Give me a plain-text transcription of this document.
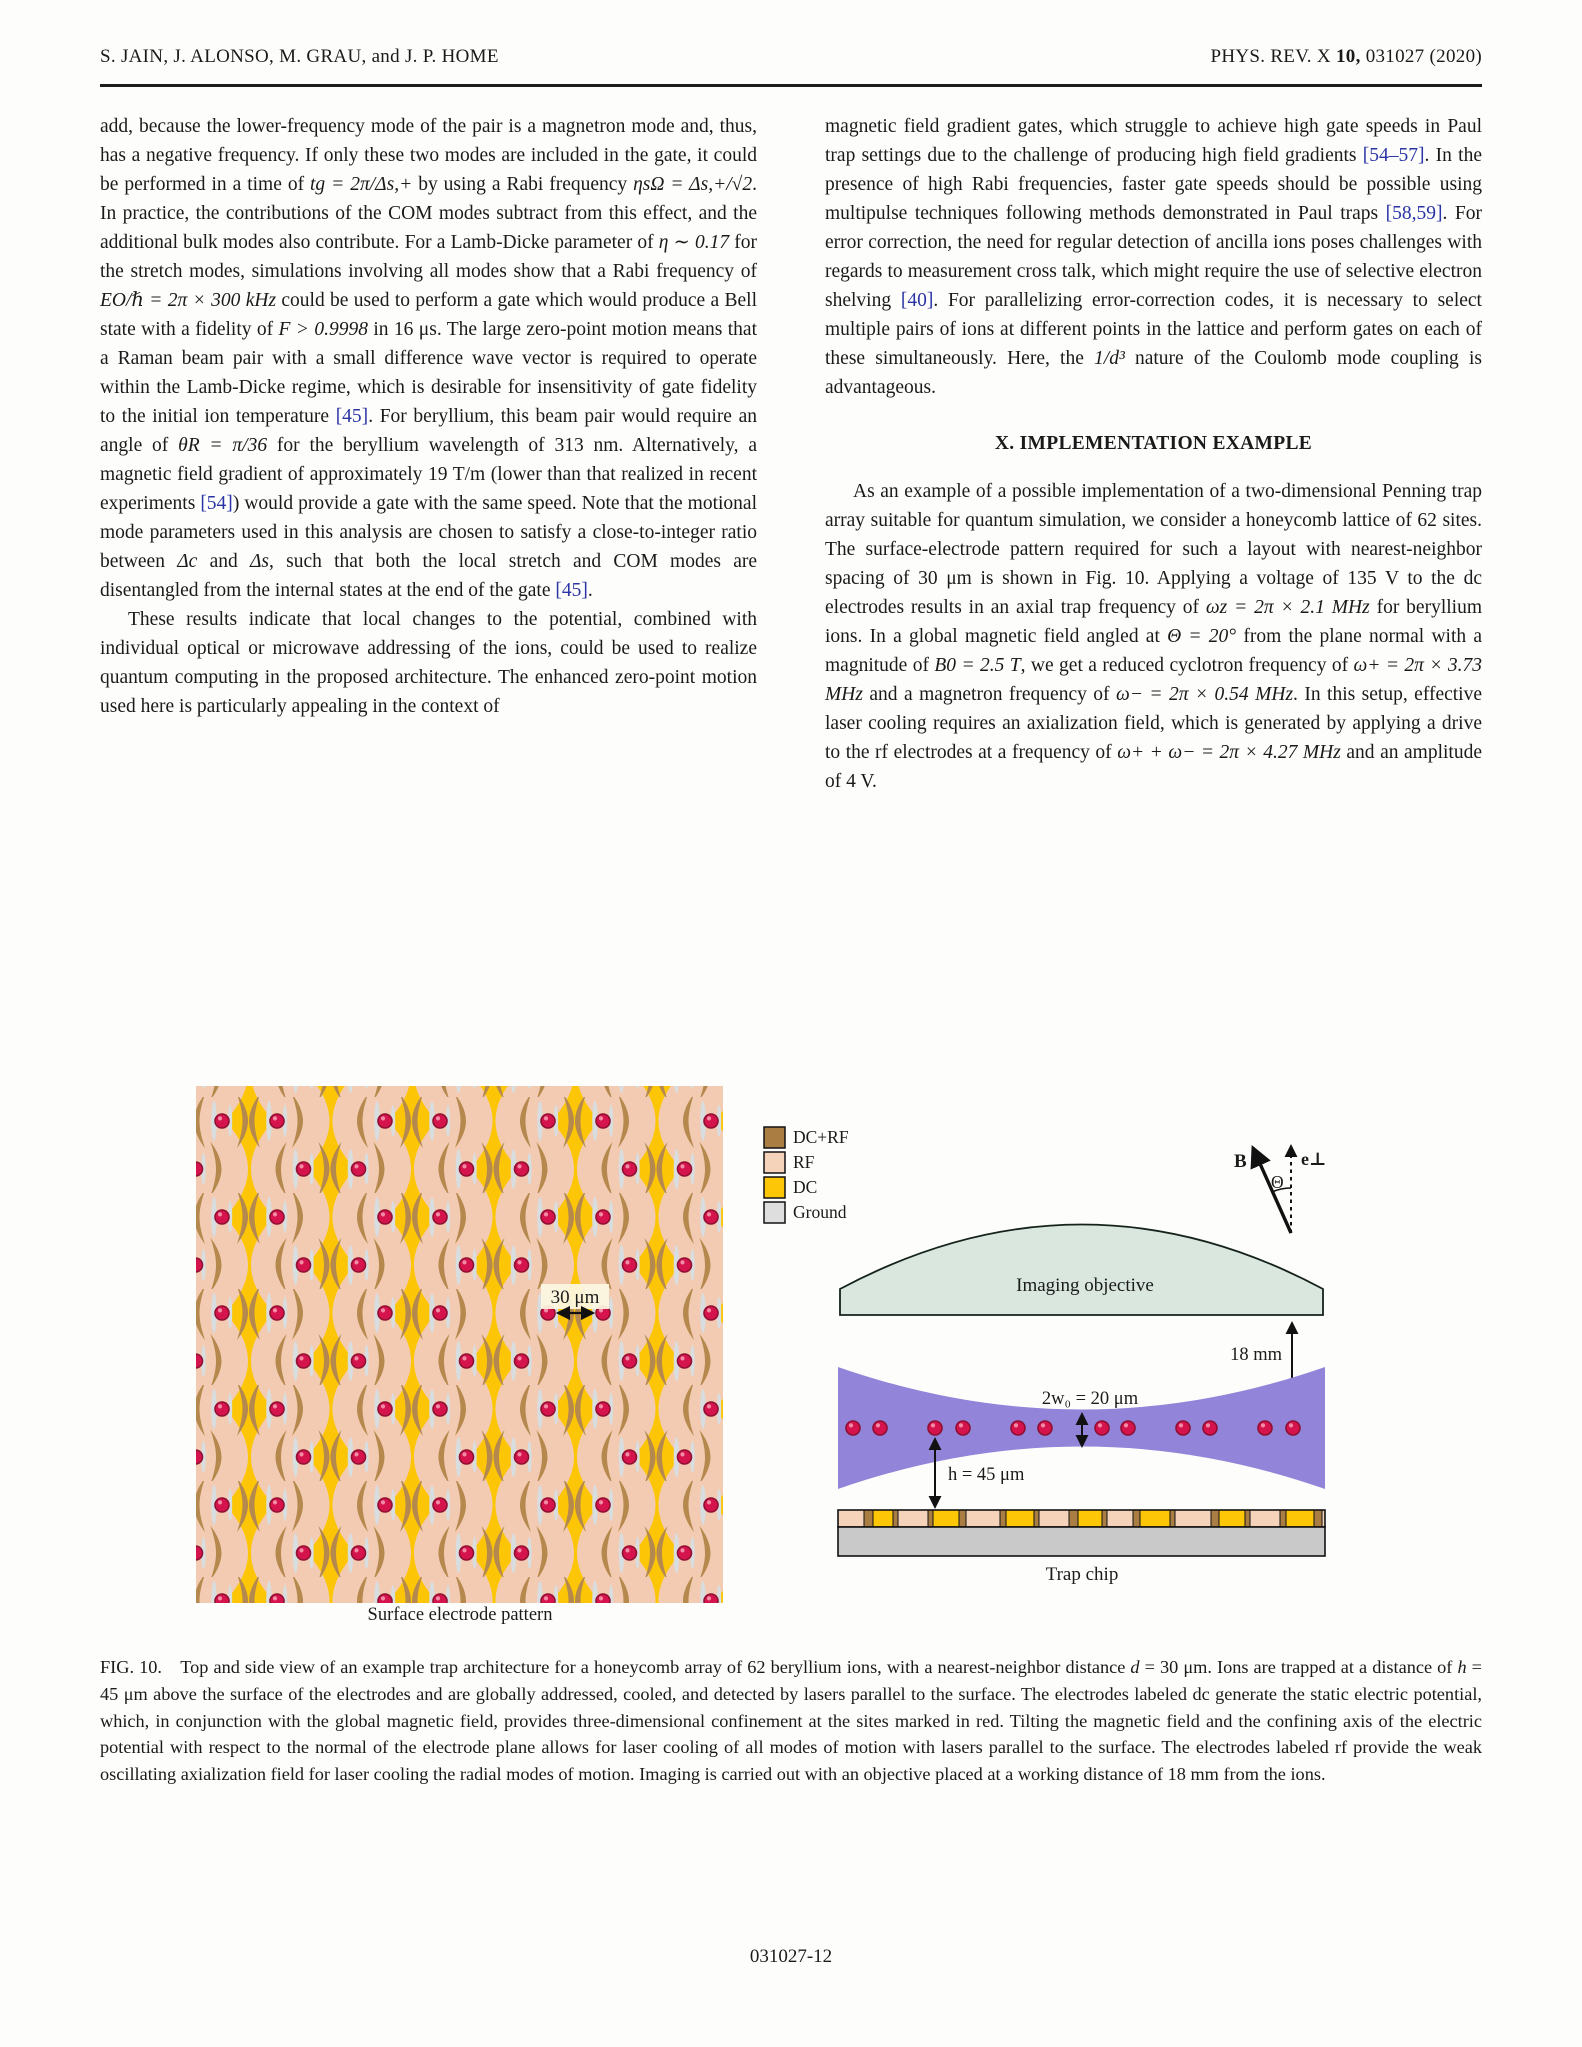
S. JAIN, J. ALONSO, M. GRAU, and J. P. HOME	PHYS. REV. X 10, 031027 (2020)

add, because the lower-frequency mode of the pair is a magnetron mode and, thus, has a negative frequency. If only these two modes are included in the gate, it could be performed in a time of tg = 2π/Δs,+ by using a Rabi frequency ηsΩ = Δs,+/√2. In practice, the contributions of the COM modes subtract from this effect, and the additional bulk modes also contribute. For a Lamb-Dicke parameter of η ∼ 0.17 for the stretch modes, simulations involving all modes show that a Rabi frequency of EO/ℏ = 2π × 300 kHz could be used to perform a gate which would produce a Bell state with a fidelity of F > 0.9998 in 16 μs. The large zero-point motion means that a Raman beam pair with a small difference wave vector is required to operate within the Lamb-Dicke regime, which is desirable for insensitivity of gate fidelity to the initial ion temperature [45]. For beryllium, this beam pair would require an angle of θR = π/36 for the beryllium wavelength of 313 nm. Alternatively, a magnetic field gradient of approximately 19 T/m (lower than that realized in recent experiments [54]) would provide a gate with the same speed. Note that the motional mode parameters used in this analysis are chosen to satisfy a close-to-integer ratio between Δc and Δs, such that both the local stretch and COM modes are disentangled from the internal states at the end of the gate [45].

These results indicate that local changes to the potential, combined with individual optical or microwave addressing of the ions, could be used to realize quantum computing in the proposed architecture. The enhanced zero-point motion used here is particularly appealing in the context of

magnetic field gradient gates, which struggle to achieve high gate speeds in Paul trap settings due to the challenge of producing high field gradients [54–57]. In the presence of high Rabi frequencies, faster gate speeds should be possible using multipulse techniques following methods demonstrated in Paul traps [58,59]. For error correction, the need for regular detection of ancilla ions poses challenges with regards to measurement cross talk, which might require the use of selective electron shelving [40]. For parallelizing error-correction codes, it is necessary to select multiple pairs of ions at different points in the lattice and perform gates on each of these simultaneously. Here, the 1/d³ nature of the Coulomb mode coupling is advantageous.

X. IMPLEMENTATION EXAMPLE

As an example of a possible implementation of a two-dimensional Penning trap array suitable for quantum simulation, we consider a honeycomb lattice of 62 sites. The surface-electrode pattern required for such a layout with nearest-neighbor spacing of 30 μm is shown in Fig. 10. Applying a voltage of 135 V to the dc electrodes results in an axial trap frequency of ωz = 2π × 2.1 MHz for beryllium ions. In a global magnetic field angled at Θ = 20° from the plane normal with a magnitude of B0 = 2.5 T, we get a reduced cyclotron frequency of ω+ = 2π × 3.73 MHz and a magnetron frequency of ω− = 2π × 0.54 MHz. In this setup, effective laser cooling requires an axialization field, which is generated by applying a drive to the rf electrodes at a frequency of ω+ + ω− = 2π × 4.27 MHz and an amplitude of 4 V.

30 μm
Surface electrode pattern
DC+RF
RF
DC
Ground
B	e⊥
Θ
Imaging objective
18 mm
2w₀ = 20 μm
h = 45 μm
Trap chip
FIG. 10.  Top and side view of an example trap architecture for a honeycomb array of 62 beryllium ions, with a nearest-neighbor distance d = 30 μm. Ions are trapped at a distance of h = 45 μm above the surface of the electrodes and are globally addressed, cooled, and detected by lasers parallel to the surface. The electrodes labeled dc generate the static electric potential, which, in conjunction with the global magnetic field, provides three-dimensional confinement at the sites marked in red. Tilting the magnetic field and the confining axis of the electric potential with respect to the normal of the electrode plane allows for laser cooling of all modes of motion with lasers parallel to the surface. The electrodes labeled rf provide the weak oscillating axialization field for laser cooling the radial modes of motion. Imaging is carried out with an objective placed at a working distance of 18 mm from the ions.
031027-12
